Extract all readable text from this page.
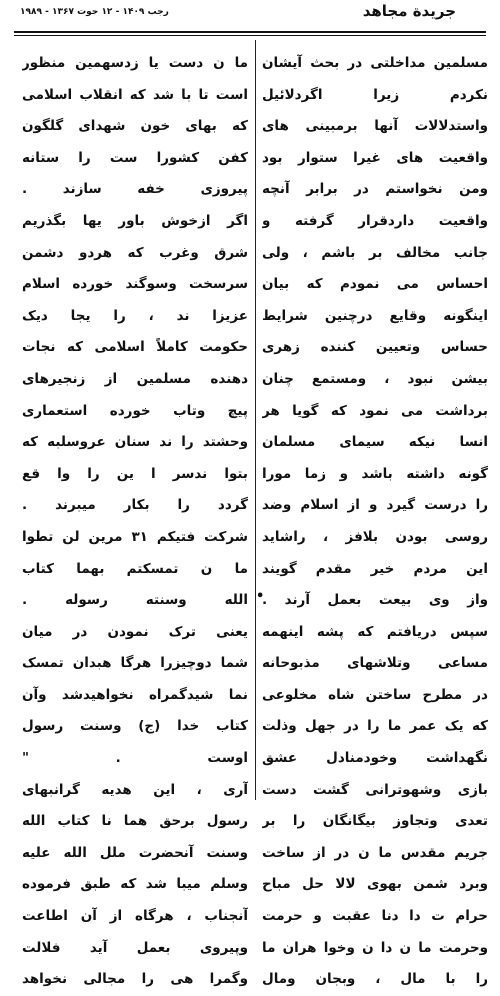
جريدة مجاهد
رجب ۱۴۰۹ - ۱۲ حوت ۱۳۶۷ - ۱۹۸۹
مسلمین مداخلتی در بحث آیشان
نکردم زیرا اگردلائیل
واستدلالات آنها برمبینی های
واقعیت های غیرا ستوار بود
ومن نخواستم در برابر آنچه
واقعیت داردقرار گرفته و
جانب مخالف بر باشم ، ولی
احساس می نمودم که بیان
اینگونه وقایع درچنین شرایط
حساس وتعیین کننده زهری
بیشن نبود ، ومستمع چنان
برداشت می نمود که گویا هر
انسا نیکه سیمای مسلمان
گونه داشته باشد و زما مورا
را درست گیرد و از اسلام وضد
روسی بودن بلافز ، راشاید
این مردم خیر مقدم گویند
واز وی بیعت بعمل آرند .
سپس دریافتم که پشه اینهمه
مساعی وتلاشهای مذبوحانه
در مطرح ساختن شاه مخلوعی
که یک عمر ما را در جهل وذلت
نگهداشت وخودمنادل عشق
بازی وشهوترانی گشت دست
تعدی وتجاوز بیگانگان را بر
جریم مقدس ما ن در از ساخت
وبرد شمن بهوی لالا حل مباح
حرام ت دا دنا عقبت و حرمت
وحرمت ما ن دا ن وخوا هران ما
را با مال ، وبجان ومال
ما ن دست یا زدسهمین منظور
است تا با شد که انقلاب اسلامی
که بهای خون شهدای گلگون
کفن کشورا ست را ستانه
پیروزی خفه سازند .
اگر ازخوش باور یها بگذریم
شرق وغرب که هردو دشمن
سرسخت وسوگند خورده اسلام
عزیزا ند ، را یجا دیک
حکومت کاملاً اسلامی که نجات
دهنده مسلمین از زنجیرهای
پیچ وتاب خورده استعماری
وحشتد را ند سنان عروسلبه که
بتوا ندسر ا ین را وا قع
گردد را بکار میبرند .
شرکت فتیکم ٣١ مرین لن تطوا
ما ن تمسکتم بهما کتاب
الله وسنته رسوله .
یعنی ترک نمودن در میان
شما دوچیزرا هرگا هبدان تمسک
نما شیدگمراه نخواهیدشد وآن
کتاب خدا (ج) وسنت رسول
اوست . "
آری ، این هدیه گرانبهای
رسول برحق هما نا کتاب الله
وسنت آنحضرت ملل الله علیه
وسلم میبا شد که طبق فرموده
آنجناب ، هرگاه از آن اطاعت
وپیروی بعمل آید فلالت
وگمرا هی را مجالی نخواهد
•
